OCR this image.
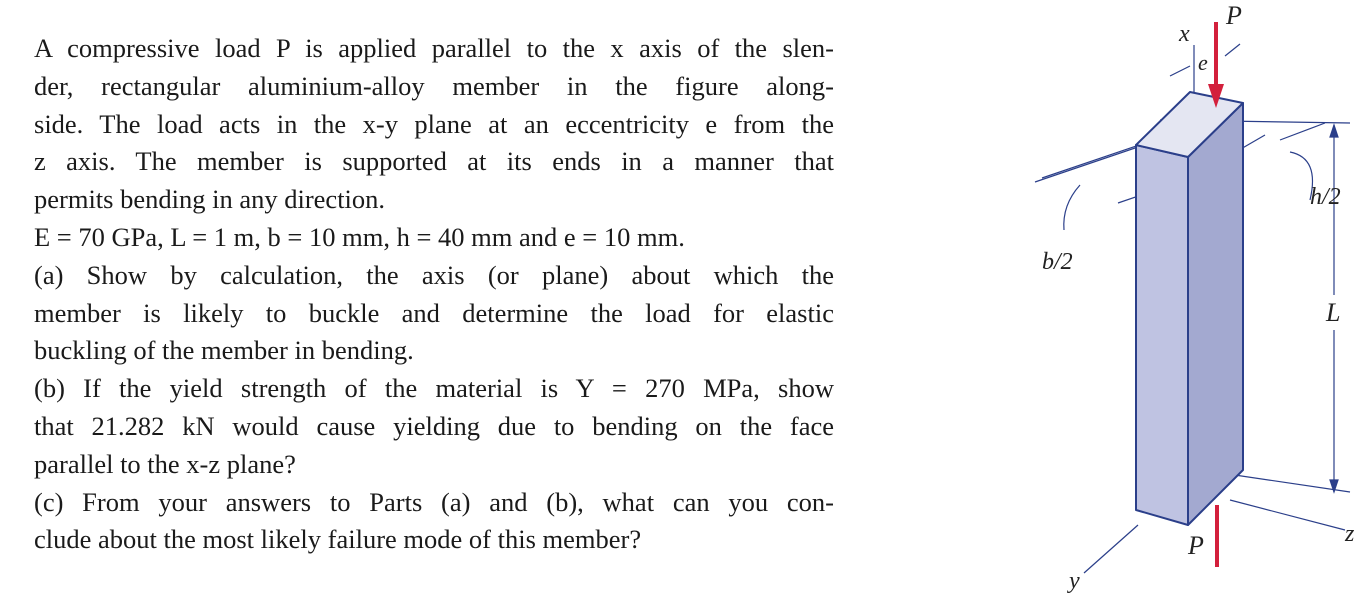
A compressive load P is applied parallel to the x axis of the slen-
der, rectangular aluminium-alloy member in the figure along-
side. The load acts in the x-y plane at an eccentricity e from the
z axis. The member is supported at its ends in a manner that
permits bending in any direction.
E = 70 GPa, L = 1 m, b = 10 mm, h = 40 mm and e = 10 mm.
(a) Show by calculation, the axis (or plane) about which the
member is likely to buckle and determine the load for elastic
buckling of the member in bending.
(b) If the yield strength of the material is Y = 270 MPa, show
that 21.282 kN would cause yielding due to bending on the face
parallel to the x-z plane?
(c) From your answers to Parts (a) and (b), what can you con-
clude about the most likely failure mode of this member?
x
P
e
h/2
b/2
L
P
y
z
